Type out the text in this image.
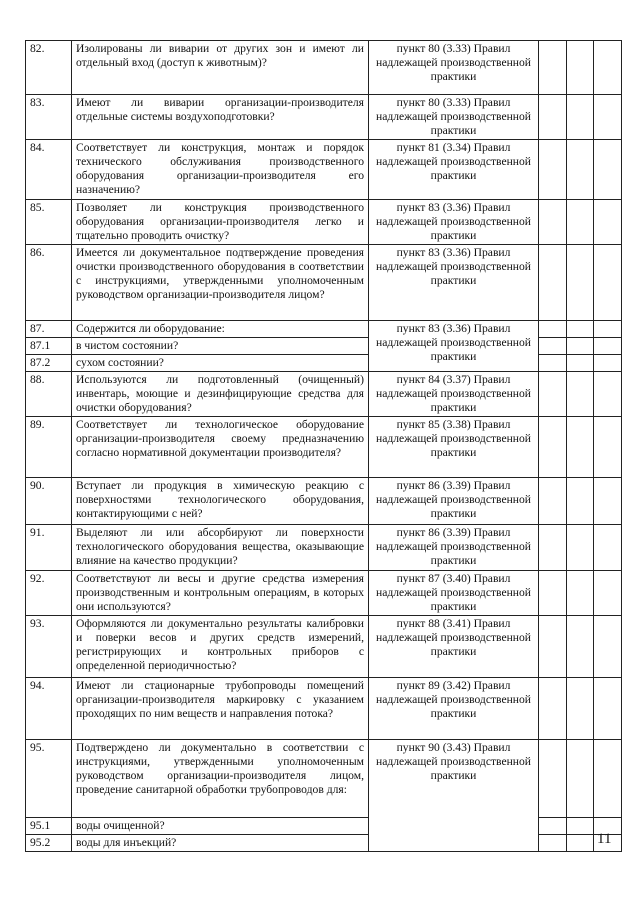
82.	Изолированы ли виварии от других зон и имеют ли отдельный вход (доступ к животным)?	пункт 80 (3.33) Правил надлежащей производственной практики			
83.	Имеют ли виварии организации-производителя отдельные системы воздухоподготовки?	пункт 80 (3.33) Правил надлежащей производственной практики			
84.	Соответствует ли конструкция, монтаж и порядок технического обслуживания производственного оборудования организации-производителя его назначению?	пункт 81 (3.34) Правил надлежащей производственной практики			
85.	Позволяет ли конструкция производственного оборудования организации-производителя легко и тщательно проводить очистку?	пункт 83 (3.36) Правил надлежащей производственной практики			
86.	Имеется ли документальное подтверждение проведения очистки производственного оборудования в соответствии с инструкциями, утвержденными уполномоченным руководством организации-производителя лицом?	пункт 83 (3.36) Правил надлежащей производственной практики			
87.	Содержится ли оборудование:	пункт 83 (3.36) Правил надлежащей производственной практики			
87.1	в чистом состоянии?				
87.2	сухом состоянии?				
88.	Используются ли подготовленный (очищенный) инвентарь, моющие и дезинфицирующие средства для очистки оборудования?	пункт 84 (3.37) Правил надлежащей производственной практики			
89.	Соответствует ли технологическое оборудование организации-производителя своему предназначению согласно нормативной документации производителя?	пункт 85 (3.38) Правил надлежащей производственной практики			
90.	Вступает ли продукция в химическую реакцию с поверхностями технологического оборудования, контактирующими с ней?	пункт 86 (3.39) Правил надлежащей производственной практики			
91.	Выделяют ли или абсорбируют ли поверхности технологического оборудования вещества, оказывающие влияние на качество продукции?	пункт 86 (3.39) Правил надлежащей производственной практики			
92.	Соответствуют ли весы и другие средства измерения производственным и контрольным операциям, в которых они используются?	пункт 87 (3.40) Правил надлежащей производственной практики			
93.	Оформляются ли документально результаты калибровки и поверки весов и других средств измерений, регистрирующих и контрольных приборов с определенной периодичностью?	пункт 88 (3.41) Правил надлежащей производственной практики			
94.	Имеют ли стационарные трубопроводы помещений организации-производителя маркировку с указанием проходящих по ним веществ и направления потока?	пункт 89 (3.42) Правил надлежащей производственной практики			
95.	Подтверждено ли документально в соответствии с инструкциями, утвержденными уполномоченным руководством организации-производителя лицом, проведение санитарной обработки трубопроводов для:	пункт 90 (3.43) Правил надлежащей производственной практики			
95.1	воды очищенной?				
95.2	воды для инъекций?					11
